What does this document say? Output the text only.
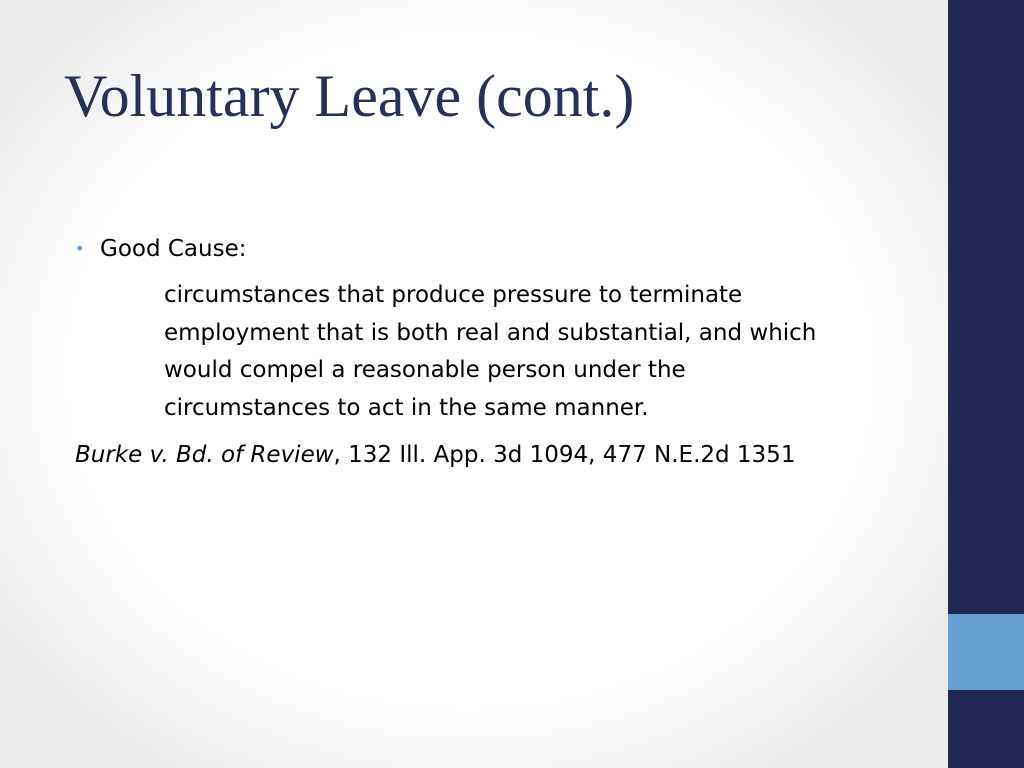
Voluntary Leave (cont.)
• Good Cause:
circumstances that produce pressure to terminate
employment that is both real and substantial, and which
would compel a reasonable person under the
circumstances to act in the same manner.
Burke v. Bd. of Review, 132 Ill. App. 3d 1094, 477 N.E.2d 1351
